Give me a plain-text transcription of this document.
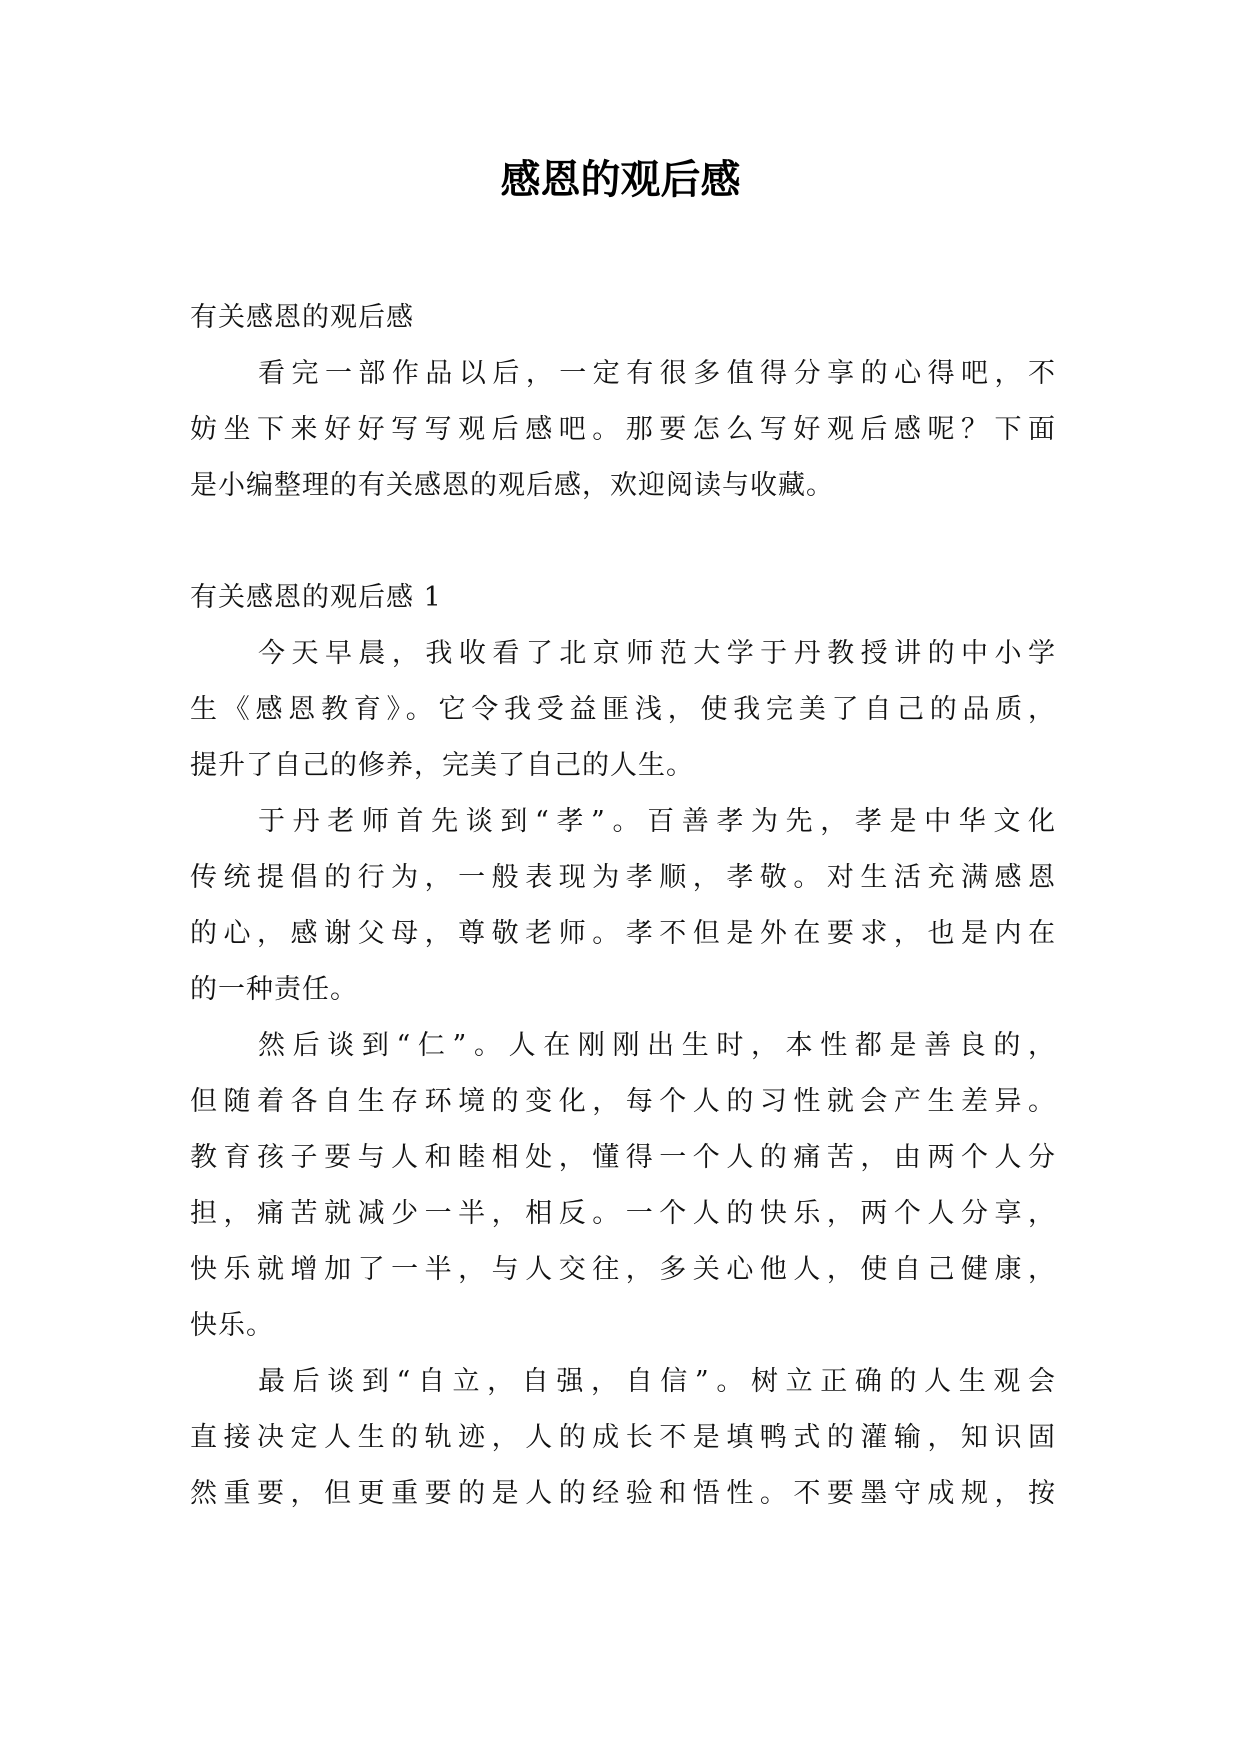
感恩的观后感
有关感恩的观后感
看完一部作品以后，一定有很多值得分享的心得吧，不
妨坐下来好好写写观后感吧。那要怎么写好观后感呢？下面
是小编整理的有关感恩的观后感，欢迎阅读与收藏。
有关感恩的观后感 1
今天早晨，我收看了北京师范大学于丹教授讲的中小学
生《感恩教育》。它令我受益匪浅，使我完美了自己的品质，
提升了自己的修养，完美了自己的人生。
于丹老师首先谈到“孝”。百善孝为先，孝是中华文化
传统提倡的行为，一般表现为孝顺，孝敬。对生活充满感恩
的心，感谢父母，尊敬老师。孝不但是外在要求，也是内在
的一种责任。
然后谈到“仁”。人在刚刚出生时，本性都是善良的，
但随着各自生存环境的变化，每个人的习性就会产生差异。
教育孩子要与人和睦相处，懂得一个人的痛苦，由两个人分
担，痛苦就减少一半，相反。一个人的快乐，两个人分享，
快乐就增加了一半，与人交往，多关心他人，使自己健康，
快乐。
最后谈到“自立，自强，自信”。树立正确的人生观会
直接决定人生的轨迹，人的成长不是填鸭式的灌输，知识固
然重要，但更重要的是人的经验和悟性。不要墨守成规，按
